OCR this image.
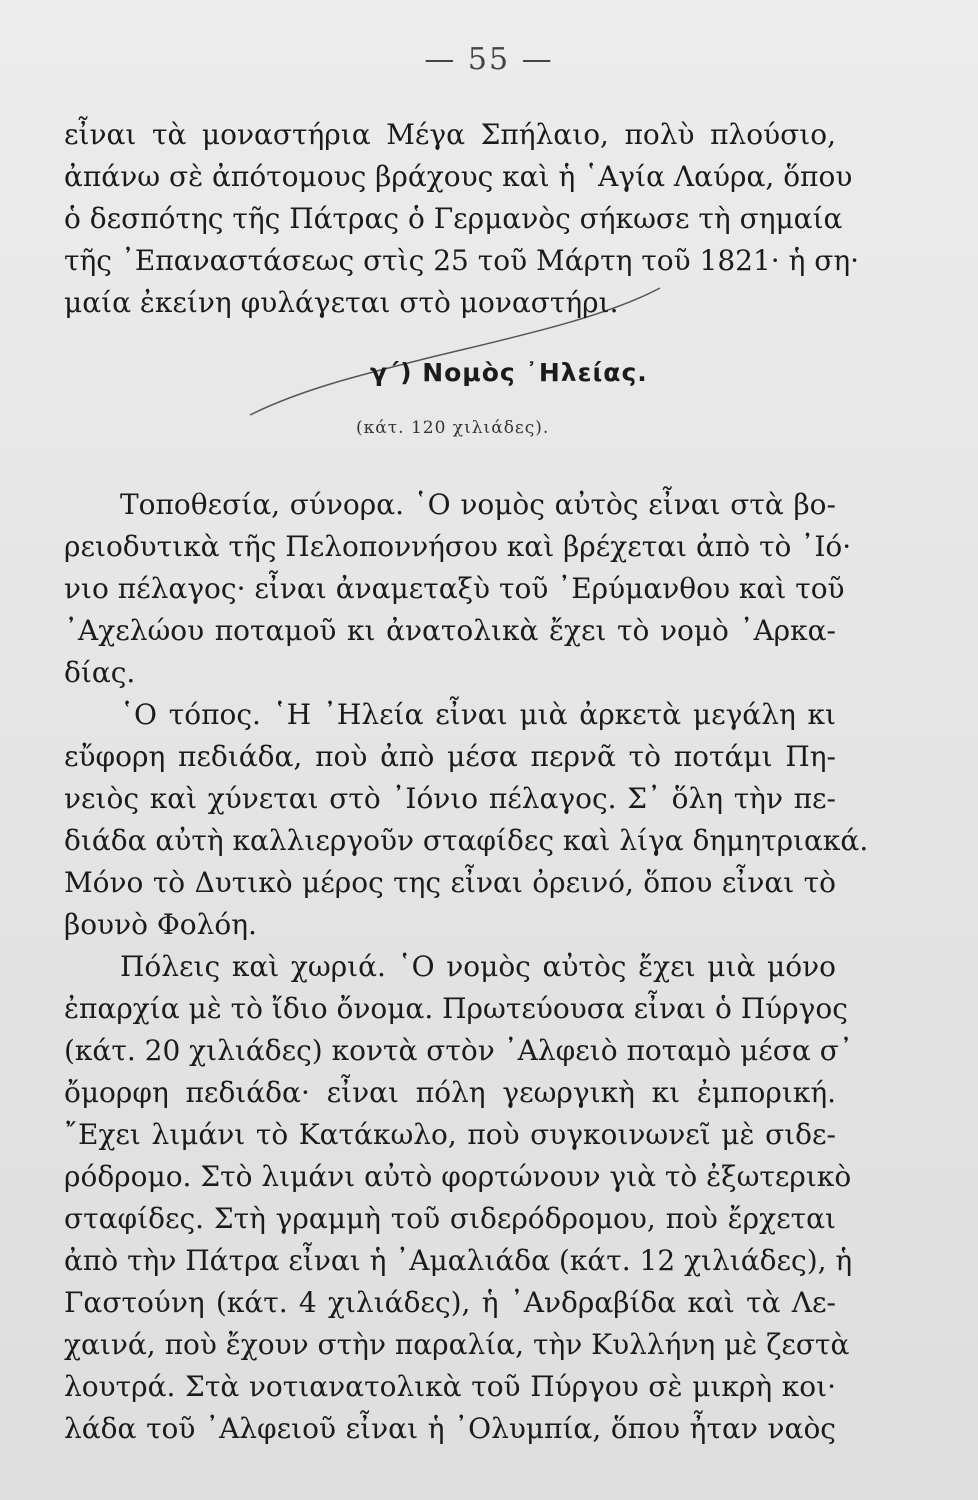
— 55 —
εἶναι τὰ μοναστήρια Μέγα Σπήλαιο, πολὺ πλούσιο,
ἀπάνω σὲ ἀπότομους βράχους καὶ ἡ ῾Αγία Λαύρα, ὅπου
ὁ δεσπότης τῆς Πάτρας ὁ Γερμανὸς σήκωσε τὴ σημαία
τῆς ᾿Επαναστάσεως στὶς 25 τοῦ Μάρτη τοῦ 1821· ἡ ση·
μαία ἐκείνη φυλάγεται στὸ μοναστήρι.
γ΄) Νομὸς ᾿Ηλείας.
(κάτ. 120 χιλιάδες).
Τοποθεσία, σύνορα. ῾Ο νομὸς αὐτὸς εἶναι στὰ βο-
ρειοδυτικὰ τῆς Πελοποννήσου καὶ βρέχεται ἀπὸ τὸ ᾿Ιό·
νιο πέλαγος· εἶναι ἀναμεταξὺ τοῦ ᾿Ερύμανθου καὶ τοῦ
᾿Αχελώου ποταμοῦ κι ἀνατολικὰ ἔχει τὸ νομὸ ᾿Αρκα-
δίας.
῾Ο τόπος. ῾Η ᾿Ηλεία εἶναι μιὰ ἀρκετὰ μεγάλη κι
εὔφορη πεδιάδα, ποὺ ἀπὸ μέσα περνᾶ τὸ ποτάμι Πη-
νειὸς καὶ χύνεται στὸ ᾿Ιόνιο πέλαγος. Σ᾿ ὅλη τὴν πε-
διάδα αὐτὴ καλλιεργοῦν σταφίδες καὶ λίγα δημητριακά.
Μόνο τὸ Δυτικὸ μέρος της εἶναι ὀρεινό, ὅπου εἶναι τὸ
βουνὸ Φολόη.
Πόλεις καὶ χωριά. ῾Ο νομὸς αὐτὸς ἔχει μιὰ μόνο
ἐπαρχία μὲ τὸ ἴδιο ὄνομα. Πρωτεύουσα εἶναι ὁ Πύργος
(κάτ. 20 χιλιάδες) κοντὰ στὸν ᾿Αλφειὸ ποταμὸ μέσα σ᾿
ὄμορφη πεδιάδα· εἶναι πόλη γεωργικὴ κι ἐμπορική.
῎Εχει λιμάνι τὸ Κατάκωλο, ποὺ συγκοινωνεῖ μὲ σιδε-
ρόδρομο. Στὸ λιμάνι αὐτὸ φορτώνουν γιὰ τὸ ἐξωτερικὸ
σταφίδες. Στὴ γραμμὴ τοῦ σιδερόδρομου, ποὺ ἔρχεται
ἀπὸ τὴν Πάτρα εἶναι ἡ ᾿Αμαλιάδα (κάτ. 12 χιλιάδες), ἡ
Γαστούνη (κάτ. 4 χιλιάδες), ἡ ᾿Ανδραβίδα καὶ τὰ Λε-
χαινά, ποὺ ἔχουν στὴν παραλία, τὴν Κυλλήνη μὲ ζεστὰ
λουτρά. Στὰ νοτιανατολικὰ τοῦ Πύργου σὲ μικρὴ κοι·
λάδα τοῦ ᾿Αλφειοῦ εἶναι ἡ ᾿Ολυμπία, ὅπου ἦταν ναὸς
